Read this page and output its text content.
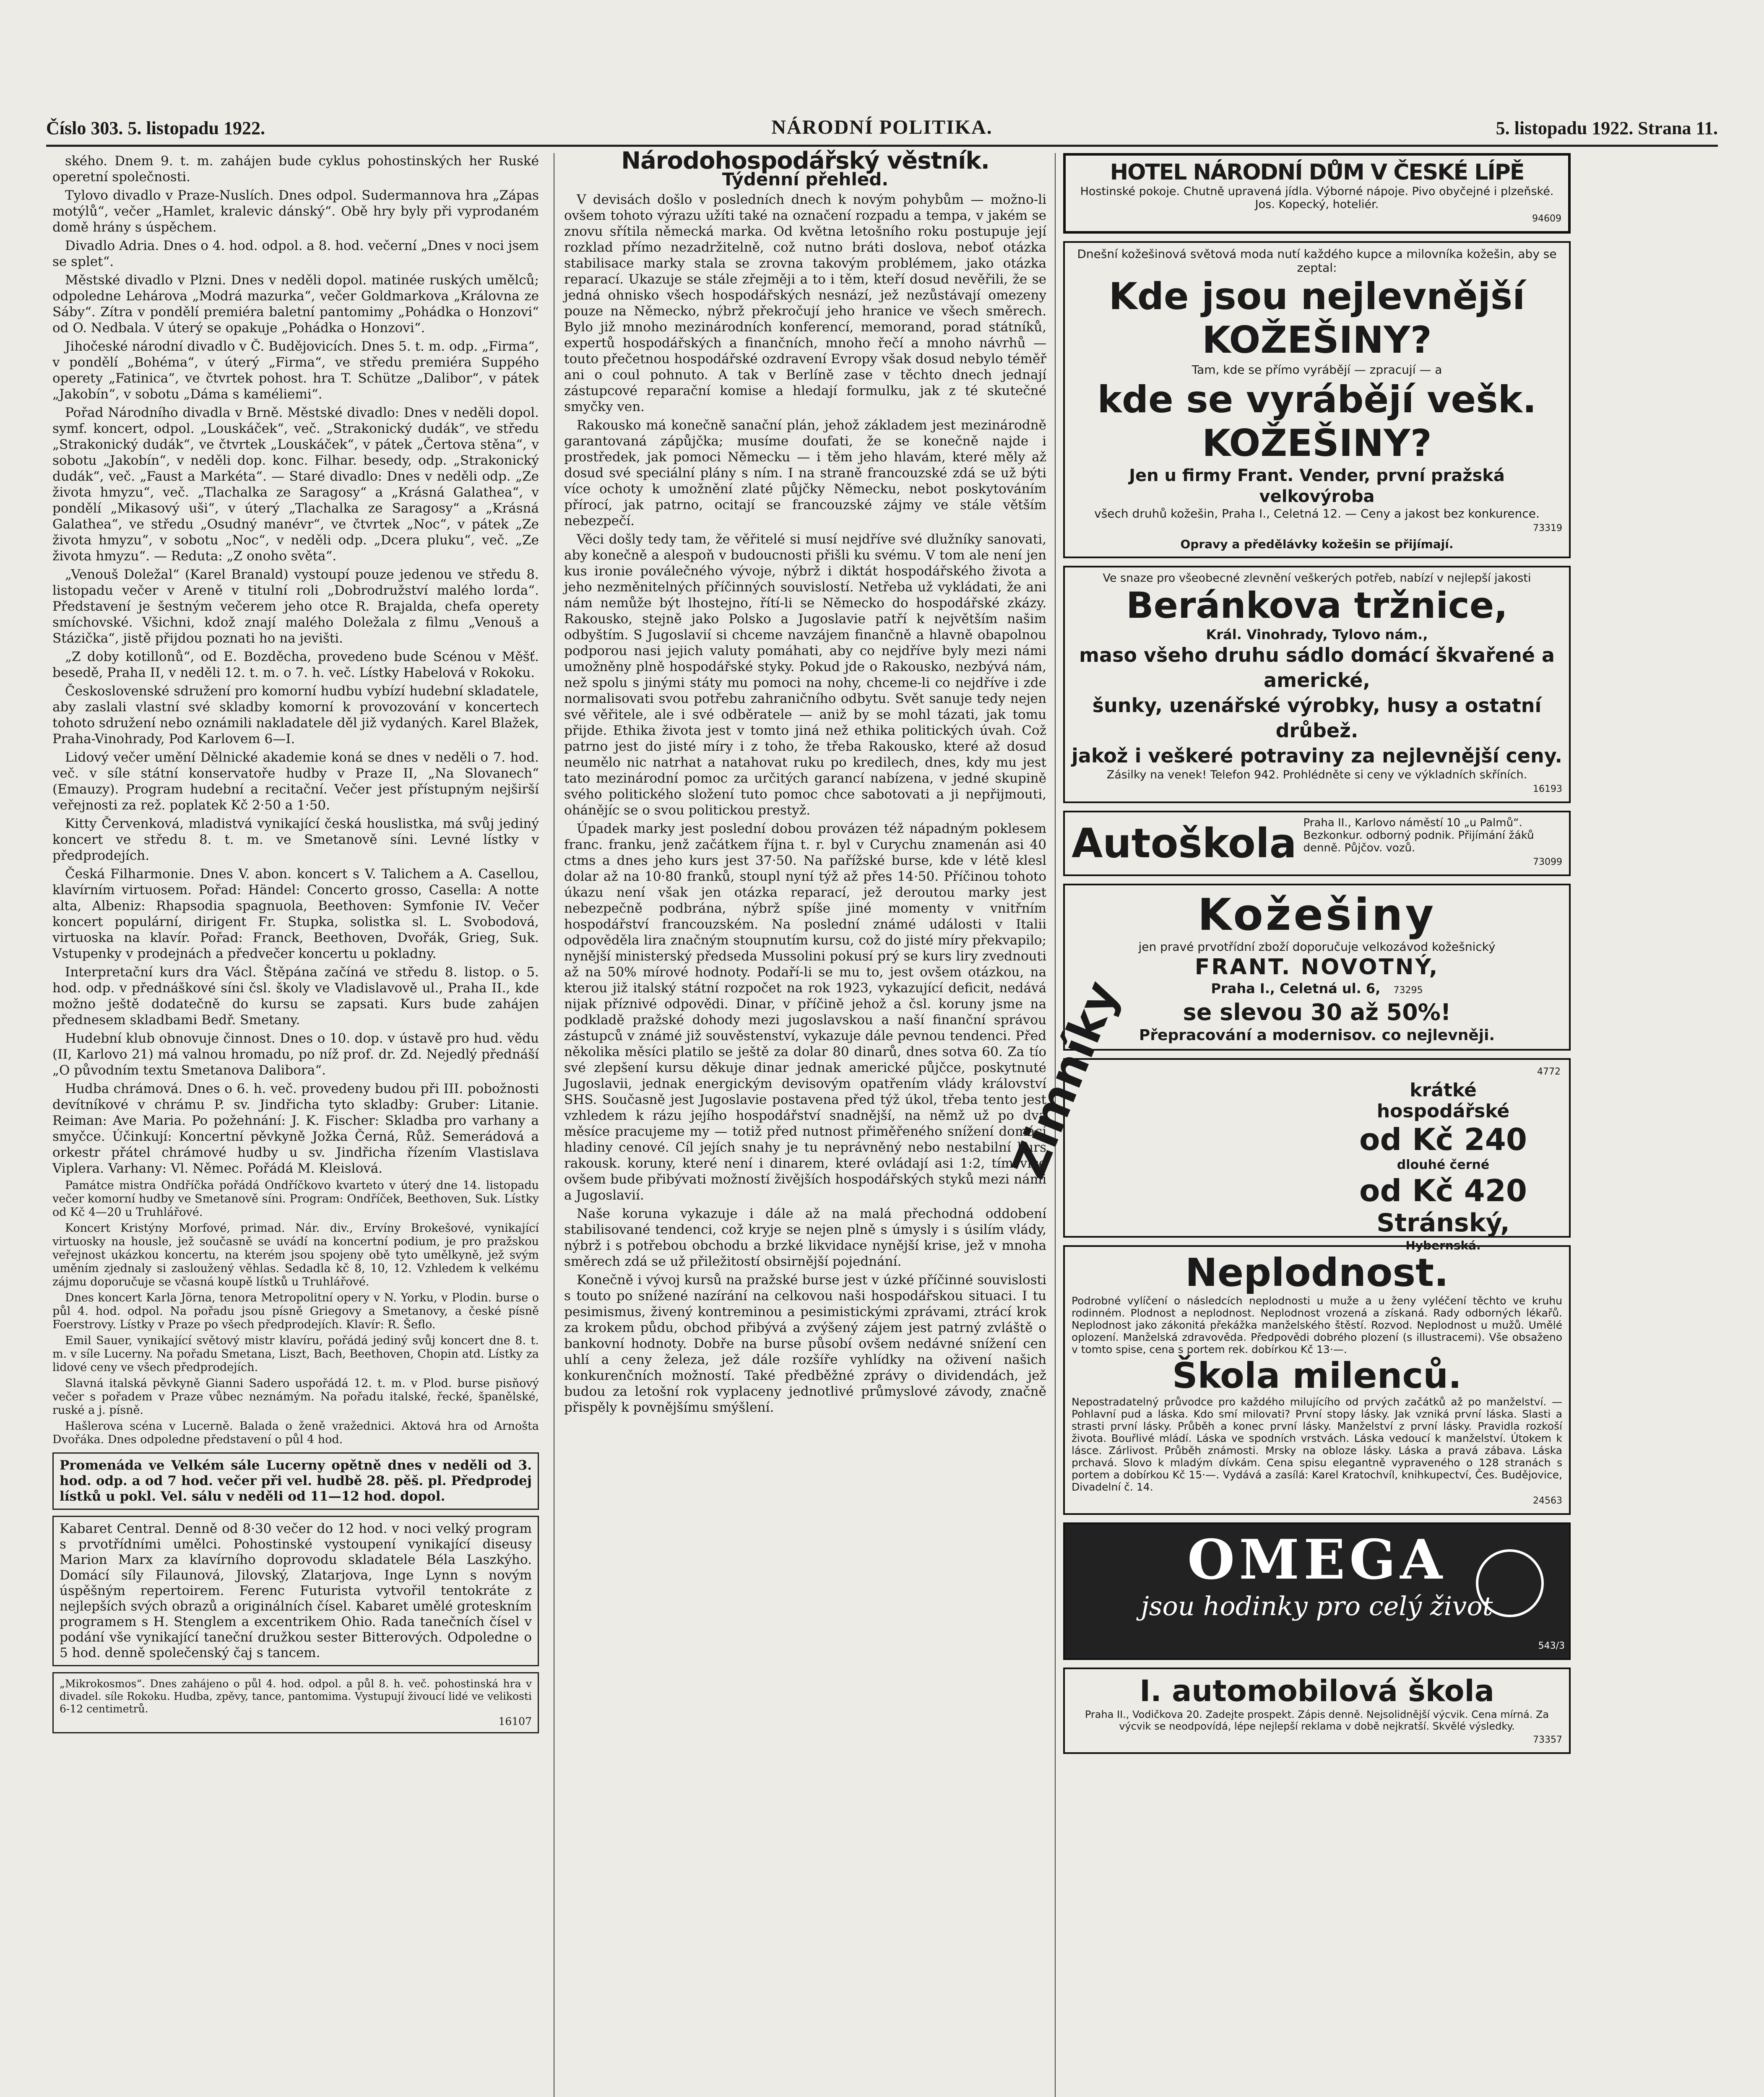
Číslo 303. 5. listopadu 1922.	NÁRODNÍ POLITIKA.	5. listopadu 1922. Strana 11.

ského. Dnem 9. t. m. zahájen bude cyklus pohostinských her Ruské operetní společnosti.

Tylovo divadlo v Praze-Nuslích. Dnes odpol. Sudermannova hra „Zápas motýlů“, večer „Hamlet, kralevic dánský“. Obě hry byly při vyprodaném domě hrány s úspěchem.

Divadlo Adria. Dnes o 4. hod. odpol. a 8. hod. večerní „Dnes v noci jsem se splet“.

Městské divadlo v Plzni. Dnes v neděli dopol. matinée ruských umělců; odpoledne Lehárova „Modrá mazurka“, večer Goldmarkova „Královna ze Sáby“. Zítra v pondělí premiéra baletní pantomimy „Pohádka o Honzovi“ od O. Nedbala. V úterý se opakuje „Pohádka o Honzovi“.

Jihočeské národní divadlo v Č. Budějovicích. Dnes 5. t. m. odp. „Firma“, v pondělí „Bohéma“, v úterý „Firma“, ve středu premiéra Suppého operety „Fatinica“, ve čtvrtek pohost. hra T. Schütze „Dalibor“, v pátek „Jakobín“, v sobotu „Dáma s kaméliemi“.

Pořad Národního divadla v Brně. Městské divadlo: Dnes v neděli dopol. symf. koncert, odpol. „Louskáček“, več. „Strakonický dudák“, ve středu „Strakonický dudák“, ve čtvrtek „Louskáček“, v pátek „Čertova stěna“, v sobotu „Jakobín“, v neděli dop. konc. Filhar. besedy, odp. „Strakonický dudák“, več. „Faust a Markéta“. — Staré divadlo: Dnes v neděli odp. „Ze života hmyzu“, več. „Tlachalka ze Saragosy“ a „Krásná Galathea“, v pondělí „Mikasový uši“, v úterý „Tlachalka ze Saragosy“ a „Krásná Galathea“, ve středu „Osudný manévr“, ve čtvrtek „Noc“, v pátek „Ze života hmyzu“, v sobotu „Noc“, v neděli odp. „Dcera pluku“, več. „Ze života hmyzu“. — Reduta: „Z onoho světa“.

„Venouš Doležal“ (Karel Branald) vystoupí pouze jedenou ve středu 8. listopadu večer v Areně v titulní roli „Dobrodružství malého lorda“. Představení je šestným večerem jeho otce R. Brajalda, chefa operety smíchovské. Všichni, kdož znají malého Doležala z filmu „Venouš a Stázička“, jistě přijdou poznati ho na jevišti.

„Z doby kotillonů“, od E. Bozděcha, provedeno bude Scénou v Měšť. besedě, Praha II, v neděli 12. t. m. o 7. h. več. Lístky Habelová v Rokoku.

Československé sdružení pro komorní hudbu vybízí hudební skladatele, aby zaslali vlastní své skladby komorní k provozování v koncertech tohoto sdružení nebo oznámili nakladatele děl již vydaných. Karel Blažek, Praha-Vinohrady, Pod Karlovem 6—I.

Lidový večer umění Dělnické akademie koná se dnes v neděli o 7. hod. več. v síle státní konservatoře hudby v Praze II, „Na Slovanech“ (Emauzy). Program hudební a recitační. Večer jest přístupným nejširší veřejnosti za rež. poplatek Kč 2·50 a 1·50.

Kitty Červenková, mladistvá vynikající česká houslistka, má svůj jediný koncert ve středu 8. t. m. ve Smetanově síni. Levné lístky v předprodejích.

Česká Filharmonie. Dnes V. abon. koncert s V. Talichem a A. Casellou, klavírním virtuosem. Pořad: Händel: Concerto grosso, Casella: A notte alta, Albeniz: Rhapsodia spagnuola, Beethoven: Symfonie IV. Večer koncert populární, dirigent Fr. Stupka, solistka sl. L. Svobodová, virtuoska na klavír. Pořad: Franck, Beethoven, Dvořák, Grieg, Suk. Vstupenky v prodejnách a předvečer koncertu u pokladny.

Interpretační kurs dra Václ. Štěpána začíná ve středu 8. listop. o 5. hod. odp. v přednáškové síni čsl. školy ve Vladislavově ul., Praha II., kde možno ještě dodatečně do kursu se zapsati. Kurs bude zahájen přednesem skladbami Bedř. Smetany.

Hudební klub obnovuje činnost. Dnes o 10. dop. v ústavě pro hud. vědu (II, Karlovo 21) má valnou hromadu, po níž prof. dr. Zd. Nejedlý přednáší „O původním textu Smetanova Dalibora“.

Hudba chrámová. Dnes o 6. h. več. provedeny budou při III. pobožnosti devítníkové v chrámu P. sv. Jindřicha tyto skladby: Gruber: Litanie. Reiman: Ave Maria. Po požehnání: J. K. Fischer: Skladba pro varhany a smyčce. Účinkují: Koncertní pěvkyně Jožka Černá, Růž. Semerádová a orkestr přátel chrámové hudby u sv. Jindřicha řízením Vlastislava Viplera. Varhany: Vl. Němec. Pořádá M. Kleislová.

Památce mistra Ondříčka pořádá Ondříčkovo kvarteto v úterý dne 14. listopadu večer komorní hudby ve Smetanově síni. Program: Ondříček, Beethoven, Suk. Lístky od Kč 4—20 u Truhlářové.

Koncert Kristýny Morfové, primad. Nár. div., Ervíny Brokešové, vynikající virtuosky na housle, jež současně se uvádí na koncertní podium, je pro pražskou veřejnost ukázkou koncertu, na kterém jsou spojeny obě tyto umělkyně, jež svým uměním zjednaly si zasloužený věhlas. Sedadla kč 8, 10, 12. Vzhledem k velkému zájmu doporučuje se včasná koupě lístků u Truhlářové.

Dnes koncert Karla Jörna, tenora Metropolitní opery v N. Yorku, v Plodin. burse o půl 4. hod. odpol. Na pořadu jsou písně Griegovy a Smetanovy, a české písně Foerstrovy. Lístky v Praze po všech předprodejích. Klavír: R. Šeflo.

Emil Sauer, vynikající světový mistr klavíru, pořádá jediný svůj koncert dne 8. t. m. v síle Lucerny. Na pořadu Smetana, Liszt, Bach, Beethoven, Chopin atd. Lístky za lidové ceny ve všech předprodejích.

Slavná italská pěvkyně Gianni Sadero uspořádá 12. t. m. v Plod. burse pisňový večer s pořadem v Praze vůbec neznámým. Na pořadu italské, řecké, španělské, ruské a j. písně.

Hašlerova scéna v Lucerně. Balada o ženě vražednici. Aktová hra od Arnošta Dvořáka. Dnes odpoledne představení o půl 4 hod.

Promenáda ve Velkém sále Lucerny opětně dnes v neděli od 3. hod. odp. a od 7 hod. večer při vel. hudbě 28. pěš. pl. Předprodej lístků u pokl. Vel. sálu v neděli od 11—12 hod. dopol.
Kabaret Central. Denně od 8·30 večer do 12 hod. v noci velký program s prvotřídními umělci. Pohostinské vystoupení vynikající diseusy Marion Marx za klavírního doprovodu skladatele Béla Laszkýho. Domácí síly Filaunová, Jilovský, Zlatarjova, Inge Lynn s novým úspěšným repertoirem. Ferenc Futurista vytvořil tentokráte z nejlepších svých obrazů a originálních čísel. Kabaret umělé groteskním programem s H. Stenglem a excentrikem Ohio. Rada tanečních čísel v podání vše vynikající taneční družkou sester Bitterových. Odpoledne o 5 hod. denně společenský čaj s tancem.
„Mikrokosmos“. Dnes zahájeno o půl 4. hod. odpol. a půl 8. h. več. pohostinská hra v divadel. síle Rokoku. Hudba, zpěvy, tance, pantomima. Vystupují živoucí lidé ve velikosti 6-12 centimetrů.
16107
Národohospodářský věstník.
Týdenní přehled.

V devisách došlo v posledních dnech k novým pohybům — možno-li ovšem tohoto výrazu užíti také na označení rozpadu a tempa, v jakém se znovu sřítila německá marka. Od května letošního roku postupuje její rozklad přímo nezadržitelně, což nutno bráti doslova, neboť otázka stabilisace marky stala se zrovna takovým problémem, jako otázka reparací. Ukazuje se stále zřejměji a to i těm, kteří dosud nevěřili, že se jedná ohnisko všech hospodářských nesnází, jež nezůstávají omezeny pouze na Německo, nýbrž překročují jeho hranice ve všech směrech. Bylo již mnoho mezinárodních konferencí, memorand, porad státníků, expertů hospodářských a finančních, mnoho řečí a mnoho návrhů — touto přečetnou hospodářské ozdravení Evropy však dosud nebylo téměř ani o coul pohnuto. A tak v Berlíně zase v těchto dnech jednají zástupcové reparační komise a hledají formulku, jak z té skutečné smyčky ven.

Rakousko má konečně sanační plán, jehož základem jest mezinárodně garantovaná zápůjčka; musíme doufati, že se konečně najde i prostředek, jak pomoci Německu — i těm jeho hlavám, které měly až dosud své speciální plány s ním. I na straně francouzské zdá se už býti více ochoty k umožnění zlaté půjčky Německu, nebot poskytováním přírocí, jak patrno, ocitají se francouzské zájmy ve stále větším nebezpečí.

Věci došly tedy tam, že věřitelé si musí nejdříve své dlužníky sanovati, aby konečně a alespoň v budoucnosti přišli ku svému. V tom ale není jen kus ironie poválečného vývoje, nýbrž i diktát hospodářského života a jeho nezměnitelných příčinných souvislostí. Netřeba už vykládati, že ani nám nemůže být lhostejno, řítí-li se Německo do hospodářské zkázy. Rakousko, stejně jako Polsko a Jugoslavie patří k největším našim odbyštím. S Jugoslavií si chceme navzájem finančně a hlavně obapolnou podporou nasi jejich valuty pomáhati, aby co nejdříve byly mezi námi umožněny plně hospodářské styky. Pokud jde o Rakousko, nezbývá nám, než spolu s jinými státy mu pomoci na nohy, chceme-li co nejdříve i zde normalisovati svou potřebu zahraničního odbytu. Svět sanuje tedy nejen své věřitele, ale i své odběratele — aniž by se mohl tázati, jak tomu přijde. Ethika života jest v tomto jiná než ethika politických úvah. Což patrno jest do jisté míry i z toho, že třeba Rakousko, které až dosud neumělo nic natrhat a natahovat ruku po kredilech, dnes, kdy mu jest tato mezinárodní pomoc za určitých garancí nabízena, v jedné skupině svého politického složení tuto pomoc chce sabotovati a ji nepřijmouti, ohánějíc se o svou politickou prestyž.

Úpadek marky jest poslední dobou provázen též nápadným poklesem franc. franku, jenž začátkem října t. r. byl v Curychu znamenán asi 40 ctms a dnes jeho kurs jest 37·50. Na pařížské burse, kde v létě klesl dolar až na 10·80 franků, stoupl nyní týž až přes 14·50. Příčinou tohoto úkazu není však jen otázka reparací, jež deroutou marky jest nebezpečně podbrána, nýbrž spíše jiné momenty v vnitřním hospodářství francouzském. Na poslední známé události v Italii odpověděla lira značným stoupnutím kursu, což do jisté míry překvapilo; nynější ministerský předseda Mussolini pokusí prý se kurs liry zvednouti až na 50% mírové hodnoty. Podaří-li se mu to, jest ovšem otázkou, na kterou již italský státní rozpočet na rok 1923, vykazující deficit, nedává nijak příznivé odpovědi. Dinar, v příčině jehož a čsl. koruny jsme na podkladě pražské dohody mezi jugoslavskou a naší finanční správou zástupců v známé již souvěstenství, vykazuje dále pevnou tendenci. Před několika měsíci platilo se ještě za dolar 80 dinarů, dnes sotva 60. Za tío své zlepšení kursu děkuje dinar jednak americké půjčce, poskytnuté Jugoslavii, jednak energickým devisovým opatřením vlády království SHS. Současně jest Jugoslavie postavena před týž úkol, třeba tento jest vzhledem k rázu jejího hospodářství snadnější, na němž už po dva měsíce pracujeme my — totiž před nutnost přiměřeného snížení domácí hladiny cenové. Cíl jejích snahy je tu neprávněný nebo nestabilní kurs rakousk. koruny, které není i dinarem, které ovládají asi 1:2, tím více ovšem bude přibývati možností živějších hospodářských styků mezi námi a Jugoslavií.

Naše koruna vykazuje i dále až na malá přechodná oddobení stabilisované tendenci, což kryje se nejen plně s úmysly i s úsilím vlády, nýbrž i s potřebou obchodu a brzké likvidace nynější krise, jež v mnoha směrech zdá se už přiležitostí obsirnější pojednání.

Konečně i vývoj kursů na pražské burse jest v úzké příčinné souvislosti s touto po snížené nazírání na celkovou naši hospodářskou situaci. I tu pesimismus, živený kontreminou a pesimistickými zprávami, ztrácí krok za krokem půdu, obchod přibývá a zvýšený zájem jest patrný zvláště o bankovní hodnoty. Dobře na burse působí ovšem nedávné snížení cen uhlí a ceny železa, jež dále rozšíře vyhlídky na oživení našich konkurenčních možností. Také předběžné zprávy o dividendách, jež budou za letošní rok vyplaceny jednotlivé průmyslové závody, značně přispěly k povnějšímu smýšlení.

HOTEL NÁRODNÍ DŮM V ČESKÉ LÍPĚ
Hostinské pokoje. Chutně upravená jídla. Výborné nápoje. Pivo obyčejné i plzeňské. Jos. Kopecký, hoteliér.
94609
Dnešní kožešinová světová moda nutí každého kupce a milovníka kožešin, aby se zeptal:
Kde jsou nejlevnější KOŽEŠINY?
Tam, kde se přímo vyrábějí — zpracují — a
kde se vyrábějí vešk. KOŽEŠINY?
Jen u firmy Frant. Vender, první pražská velkovýroba
všech druhů kožešin, Praha I., Celetná 12. — Ceny a jakost bez konkurence.
73319
Opravy a předělávky kožešin se přijímají.
Ve snaze pro všeobecné zlevnění veškerých potřeb, nabízí v nejlepší jakosti
Beránkova tržnice,
Král. Vinohrady, Tylovo nám.,
maso všeho druhu sádlo domácí škvařené a americké,
šunky, uzenářské výrobky, husy a ostatní drůbež.
jakož i veškeré potraviny za nejlevnější ceny.
Zásilky na venek! Telefon 942. Prohlédněte si ceny ve výkladních skříních.
16193
Autoškola Praha II., Karlovo náměstí 10 „u Palmů“. Bezkonkur. odborný podnik. Přijímání žáků denně. Půjčov. vozů.
73099
Kožešiny
jen pravé prvotřídní zboží doporučuje velkozávod kožešnický
FRANT. NOVOTNÝ,
Praha I., Celetná ul. 6, 73295
se slevou 30 až 50%!
Přepracování a modernisov. co nejlevněji.
Zimníky	4772
krátké
hospodářské
od Kč 240
dlouhé černé
od Kč 420
Stránský,
Hybernská.
Neplodnost.
Podrobné vylíčení o následcích neplodnosti u muže a u ženy vyléčení těchto ve kruhu rodinném. Plodnost a neplodnost. Neplodnost vrozená a získaná. Rady odborných lékařů. Neplodnost jako zákonitá překážka manželského štěstí. Rozvod. Neplodnost u mužů. Umělé oplození. Manželská zdravověda. Předpovědi dobrého plození (s illustracemi). Vše obsaženo v tomto spise, cena s portem rek. dobírkou Kč 13·—.
Škola milenců.
Nepostradatelný průvodce pro každého milujícího od prvých začátků až po manželství. — Pohlavní pud a láska. Kdo smí milovati? První stopy lásky. Jak vzniká první láska. Slasti a strasti první lásky. Průběh a konec první lásky. Manželství z první lásky. Pravidla rozkoší života. Bouřlivé mládí. Láska ve spodních vrstvách. Láska vedoucí k manželství. Útokem k lásce. Zárlivost. Průběh známosti. Mrsky na obloze lásky. Láska a pravá zábava. Láska prchavá. Slovo k mladým dívkám. Cena spisu elegantně vypraveného o 128 stranách s portem a dobírkou Kč 15·—. Vydává a zasílá: Karel Kratochvíl, knihkupectví, Čes. Budějovice, Divadelní č. 14.
24563
OMEGA
jsou hodinky pro celý život
543/3
I. automobilová škola
Praha II., Vodičkova 20. Zadejte prospekt. Zápis denně. Nejsolidnější výcvik. Cena mírná. Za výcvik se neodpovídá, lépe nejlepší reklama v době nejkratší. Skvělé výsledky.
73357
